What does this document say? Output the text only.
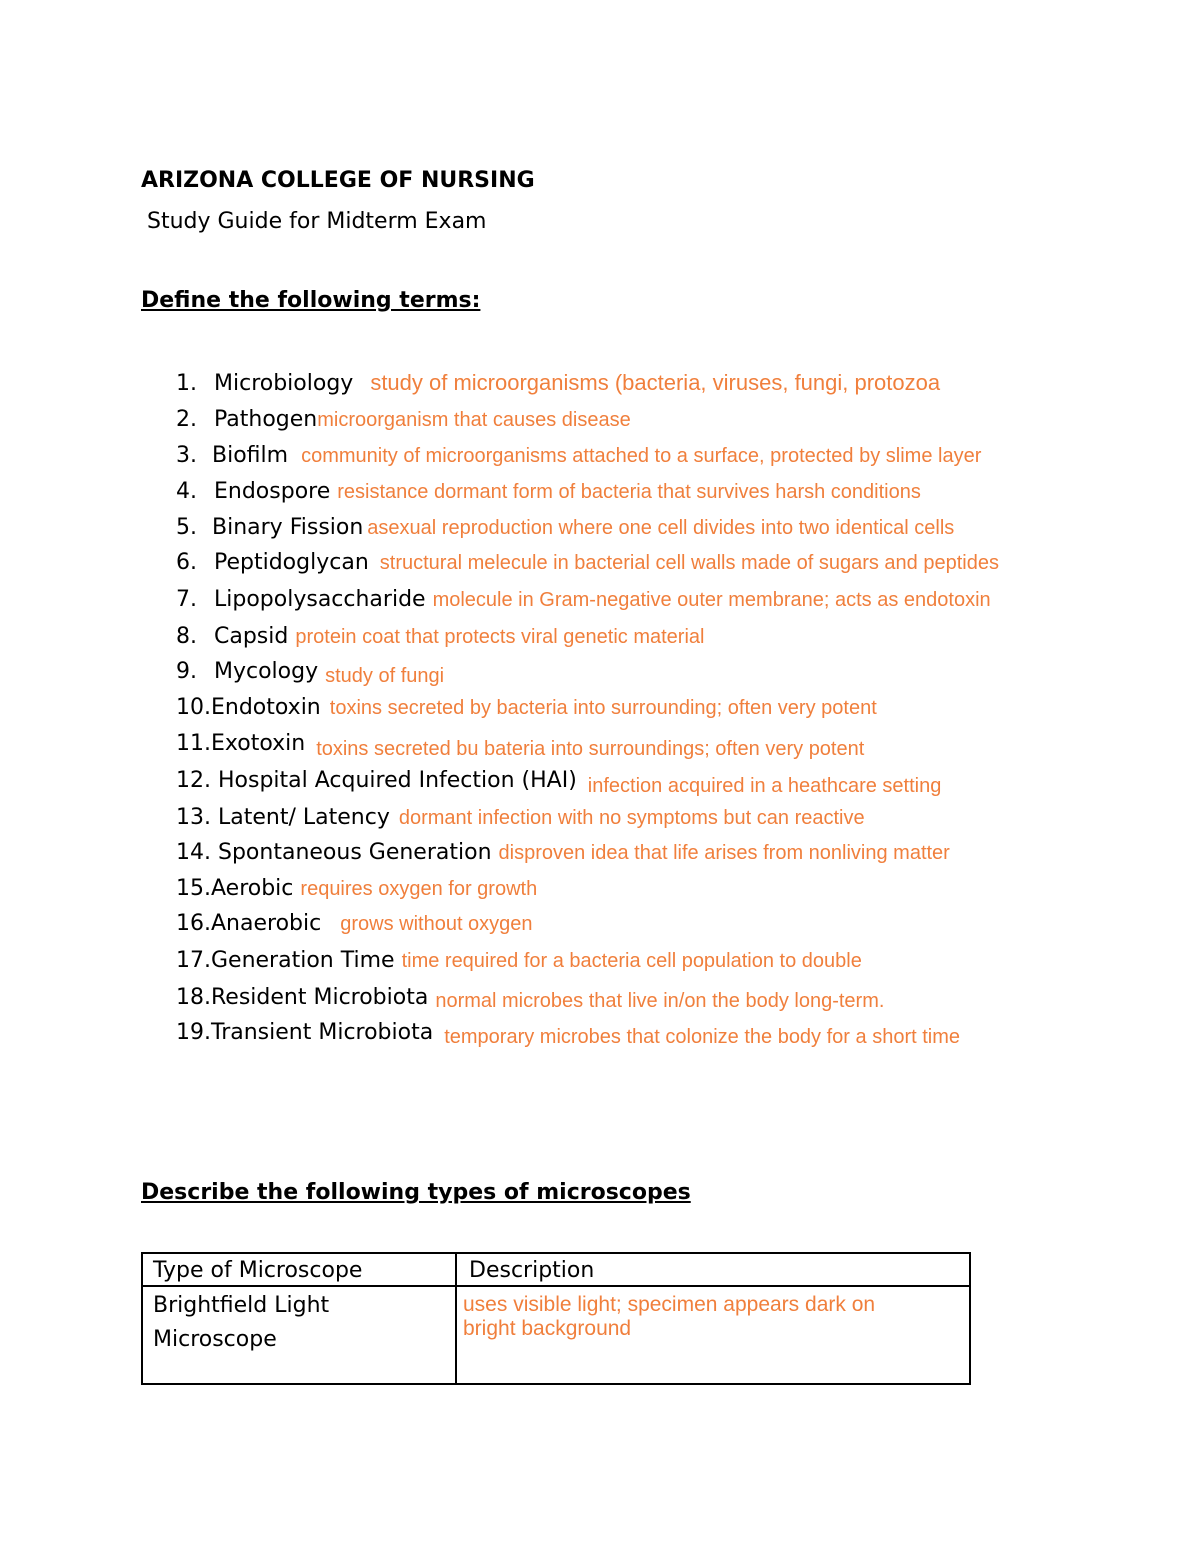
ARIZONA COLLEGE OF NURSING
Study Guide for Midterm Exam
Define the following terms:
1. Microbiology study of microorganisms (bacteria, viruses, fungi, protozoa
2. Pathogenmicroorganism that causes disease
3. Biofilm community of microorganisms attached to a surface, protected by slime layer
4. Endospore resistance dormant form of bacteria that survives harsh conditions
5. Binary Fission asexual reproduction where one cell divides into two identical cells
6. Peptidoglycan structural melecule in bacterial cell walls made of sugars and peptides
7. Lipopolysaccharide molecule in Gram-negative outer membrane; acts as endotoxin
8. Capsid protein coat that protects viral genetic material
9. Mycology study of fungi
10.Endotoxin toxins secreted by bacteria into surrounding; often very potent
11.Exotoxin toxins secreted bu bateria into surroundings; often very potent
12. Hospital Acquired Infection (HAI) infection acquired in a heathcare setting
13. Latent/ Latency dormant infection with no symptoms but can reactive
14. Spontaneous Generation disproven idea that life arises from nonliving matter
15.Aerobic requires oxygen for growth
16.Anaerobic grows without oxygen
17.Generation Time time required for a bacteria cell population to double
18.Resident Microbiota normal microbes that live in/on the body long-term.
19.Transient Microbiota temporary microbes that colonize the body for a short time
Describe the following types of microscopes
Type of Microscope	Description

Brightfield Light
Microscope	uses visible light; specimen appears dark on
bright background
